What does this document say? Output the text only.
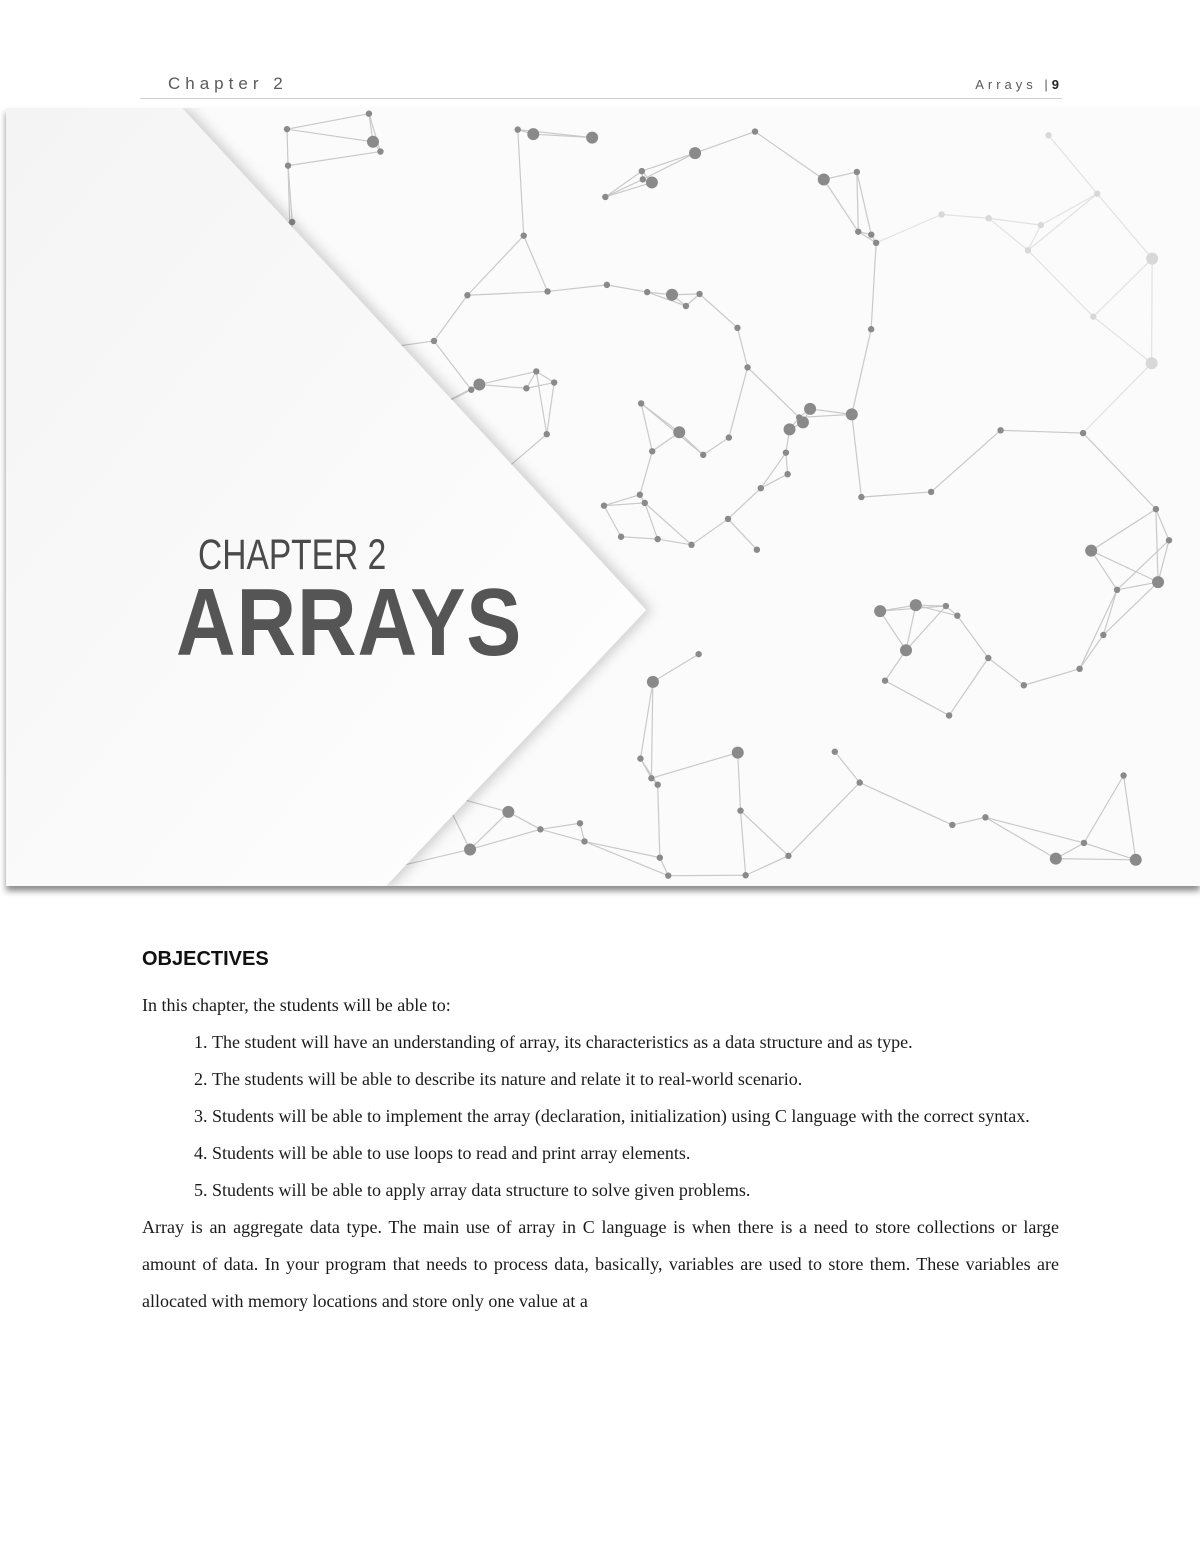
Chapter 2	Arrays |9
CHAPTER 2
ARRAYS
OBJECTIVES

In this chapter, the students will be able to:

1. The student will have an understanding of array, its characteristics as a data structure and as type.
2. The students will be able to describe its nature and relate it to real-world scenario.
3. Students will be able to implement the array (declaration, initialization) using C language with the correct syntax.
4. Students will be able to use loops to read and print array elements.
5. Students will be able to apply array data structure to solve given problems.

Array is an aggregate data type. The main use of array in C language is when there is a need to store collections or large amount of data. In your program that needs to process data, basically, variables are used to store them. These variables are allocated with memory locations and store only one value at a
